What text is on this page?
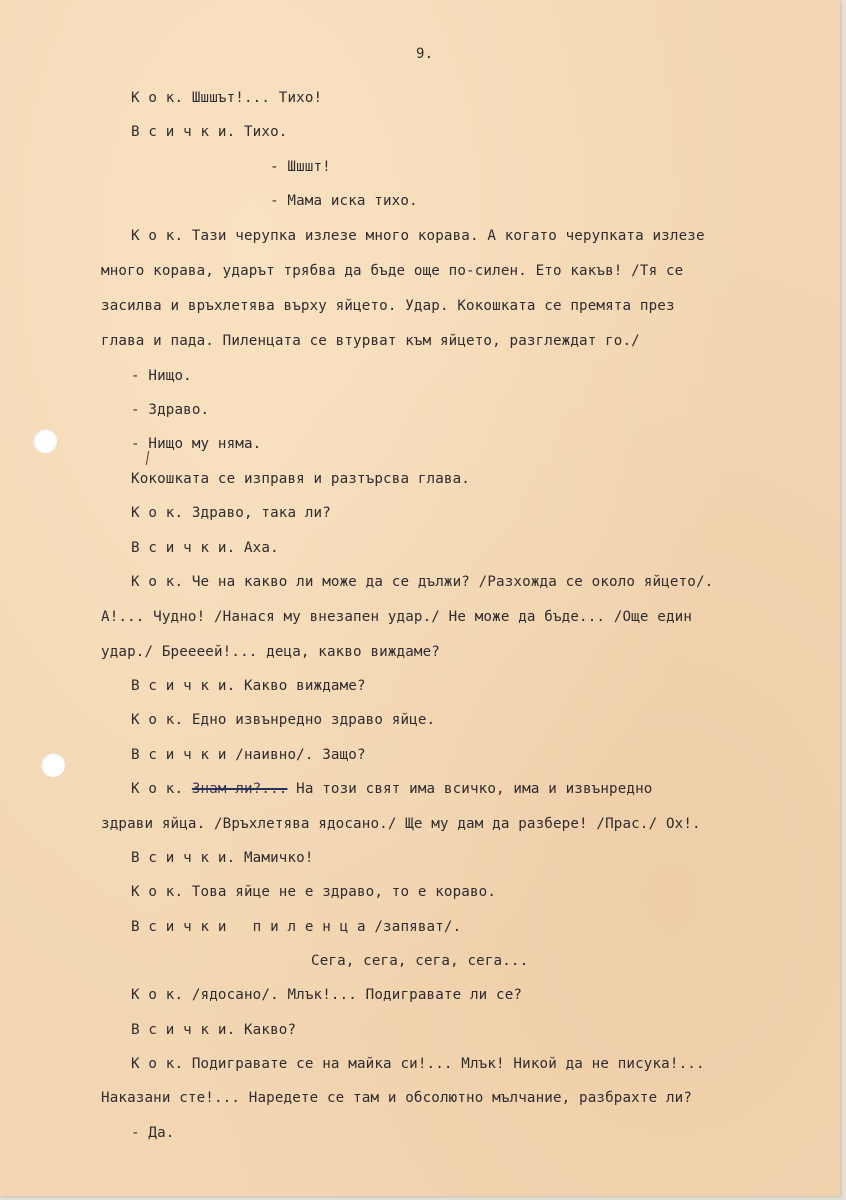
9.

К о к. Шшшът!... Тихо!

В с и ч к и. Тихо.

- Шшшт!

- Мама иска тихо.

К о к. Тази черупка излезе много корава. А когато черупката излезе

много корава, ударът трябва да бъде още по-силен. Ето какъв! /Тя се

засилва и връхлетява върху яйцето. Удар. Кокошката се премята през

глава и пада. Пиленцата се втурват към яйцето, разглеждат го./

- Нищо.

- Здраво.

- Нищо му няма.

Кокошката се изправя и разтърсва глава.

К о к. Здраво, така ли?

В с и ч к и. Аха.

К о к. Че на какво ли може да се дължи? /Разхожда се около яйцето/.

А!... Чудно! /Нанася му внезапен удар./ Не може да бъде... /Още един

удар./ Бреееей!... деца, какво виждаме?

В с и ч к и. Какво виждаме?

К о к. Едно извънредно здраво яйце.

В с и ч к и /наивно/. Защо?

К о к. Знам ли?... На този свят има всичко, има и извънредно

здрави яйца. /Връхлетява ядосано./ Ще му дам да разбере! /Прас./ Ох!.

В с и ч к и. Мамичко!

К о к. Това яйце не е здраво, то е кораво.

В с и ч к и   п и л е н ц а /запяват/.

Сега, сега, сега, сега...

К о к. /ядосано/. Млък!... Подигравате ли се?

В с и ч к и. Какво?

К о к. Подигравате се на майка си!... Млък! Никой да не писука!...

Наказани сте!... Наредете се там и обсолютно мълчание, разбрахте ли?

- Да.
